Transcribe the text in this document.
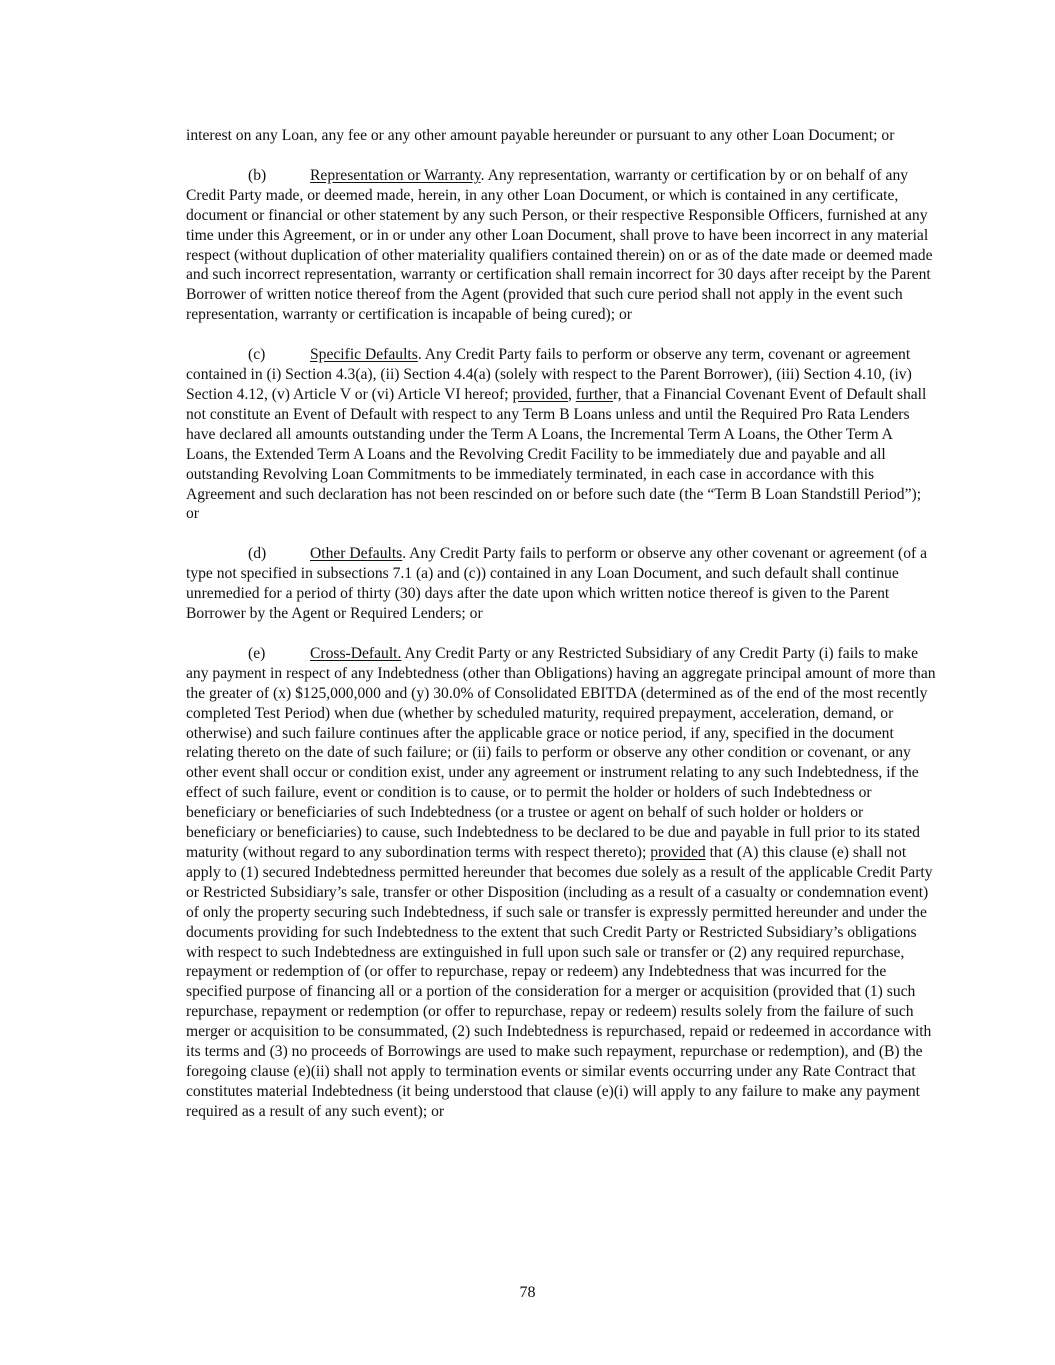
interest on any Loan, any fee or any other amount payable hereunder or pursuant to any other Loan Document; or

(b)	Representation or Warranty. Any representation, warranty or certification by or on behalf of any Credit Party made, or deemed made, herein, in any other Loan Document, or which is contained in any certificate, document or financial or other statement by any such Person, or their respective Responsible Officers, furnished at any time under this Agreement, or in or under any other Loan Document, shall prove to have been incorrect in any material respect (without duplication of other materiality qualifiers contained therein) on or as of the date made or deemed made and such incorrect representation, warranty or certification shall remain incorrect for 30 days after receipt by the Parent Borrower of written notice thereof from the Agent (provided that such cure period shall not apply in the event such representation, warranty or certification is incapable of being cured); or

(c)	Specific Defaults. Any Credit Party fails to perform or observe any term, covenant or agreement contained in (i) Section 4.3(a), (ii) Section 4.4(a) (solely with respect to the Parent Borrower), (iii) Section 4.10, (iv) Section 4.12, (v) Article V or (vi) Article VI hereof; provided, further, that a Financial Covenant Event of Default shall not constitute an Event of Default with respect to any Term B Loans unless and until the Required Pro Rata Lenders have declared all amounts outstanding under the Term A Loans, the Incremental Term A Loans, the Other Term A Loans, the Extended Term A Loans and the Revolving Credit Facility to be immediately due and payable and all outstanding Revolving Loan Commitments to be immediately terminated, in each case in accordance with this Agreement and such declaration has not been rescinded on or before such date (the “Term B Loan Standstill Period”); or

(d)	Other Defaults. Any Credit Party fails to perform or observe any other covenant or agreement (of a type not specified in subsections 7.1 (a) and (c)) contained in any Loan Document, and such default shall continue unremedied for a period of thirty (30) days after the date upon which written notice thereof is given to the Parent Borrower by the Agent or Required Lenders; or

(e)	Cross-Default. Any Credit Party or any Restricted Subsidiary of any Credit Party (i) fails to make any payment in respect of any Indebtedness (other than Obligations) having an aggregate principal amount of more than the greater of (x) $125,000,000 and (y) 30.0% of Consolidated EBITDA (determined as of the end of the most recently completed Test Period) when due (whether by scheduled maturity, required prepayment, acceleration, demand, or otherwise) and such failure continues after the applicable grace or notice period, if any, specified in the document relating thereto on the date of such failure; or (ii) fails to perform or observe any other condition or covenant, or any other event shall occur or condition exist, under any agreement or instrument relating to any such Indebtedness, if the effect of such failure, event or condition is to cause, or to permit the holder or holders of such Indebtedness or beneficiary or beneficiaries of such Indebtedness (or a trustee or agent on behalf of such holder or holders or beneficiary or beneficiaries) to cause, such Indebtedness to be declared to be due and payable in full prior to its stated maturity (without regard to any subordination terms with respect thereto); provided that (A) this clause (e) shall not apply to (1) secured Indebtedness permitted hereunder that becomes due solely as a result of the applicable Credit Party or Restricted Subsidiary’s sale, transfer or other Disposition (including as a result of a casualty or condemnation event) of only the property securing such Indebtedness, if such sale or transfer is expressly permitted hereunder and under the documents providing for such Indebtedness to the extent that such Credit Party or Restricted Subsidiary’s obligations with respect to such Indebtedness are extinguished in full upon such sale or transfer or (2) any required repurchase, repayment or redemption of (or offer to repurchase, repay or redeem) any Indebtedness that was incurred for the specified purpose of financing all or a portion of the consideration for a merger or acquisition (provided that (1) such repurchase, repayment or redemption (or offer to repurchase, repay or redeem) results solely from the failure of such merger or acquisition to be consummated, (2) such Indebtedness is repurchased, repaid or redeemed in accordance with its terms and (3) no proceeds of Borrowings are used to make such repayment, repurchase or redemption), and (B) the foregoing clause (e)(ii) shall not apply to termination events or similar events occurring under any Rate Contract that constitutes material Indebtedness (it being understood that clause (e)(i) will apply to any failure to make any payment required as a result of any such event); or

78
